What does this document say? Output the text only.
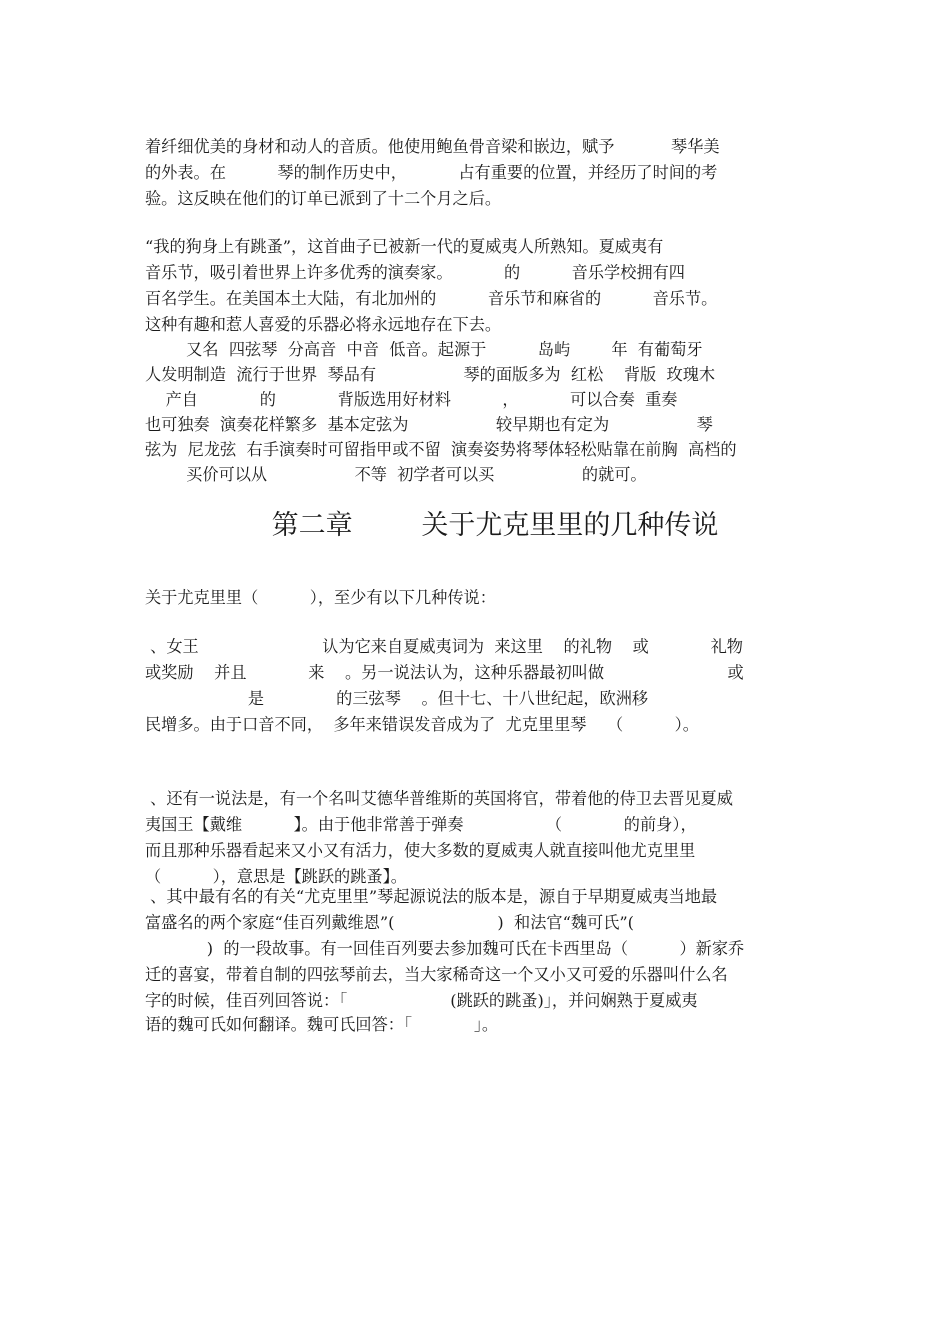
着纤细优美的身材和动人的音质。他使用鲍鱼骨音梁和嵌边，赋予           琴华美
的外表。在          琴的制作历史中，          占有重要的位置，并经历了时间的考
验。这反映在他们的订单已派到了十二个月之后。
“我的狗身上有跳蚤”，这首曲子已被新一代的夏威夷人所熟知。夏威夷有
音乐节，吸引着世界上许多优秀的演奏家。          的          音乐学校拥有四
百名学生。在美国本土大陆，有北加州的          音乐节和麻省的          音乐节。
这种有趣和惹人喜爱的乐器必将永远地存在下去。
又名  四弦琴  分高音  中音  低音。起源于          岛屿        年  有葡萄牙
人发明制造  流行于世界  琴品有                 琴的面版多为  红松    背版  玫瑰木
产自            的            背版选用好材料          ，          可以合奏  重奏
也可独奏  演奏花样繁多  基本定弦为                 较早期也有定为                 琴
弦为  尼龙弦  右手演奏时可留指甲或不留  演奏姿势将琴体轻松贴靠在前胸  高档的
买价可以从                 不等  初学者可以买                 的就可。
第二章        关于尤克里里的几种传说
关于尤克里里（          ），至少有以下几种传说：
、女王                        认为它来自夏威夷词为  来这里    的礼物    或            礼物
或奖励    并且            来    。另一说法认为，这种乐器最初叫做                        或
是              的三弦琴    。但十七、十八世纪起，欧洲移
民增多。由于口音不同，  多年来错误发音成为了  尤克里里琴    （          ）。
、还有一说法是，有一个名叫艾德华普维斯的英国将官，带着他的侍卫去晋见夏威
夷国王【戴维          】。由于他非常善于弹奏                （            的前身），
而且那种乐器看起来又小又有活力，使大多数的夏威夷人就直接叫他尤克里里
（          ），意思是【跳跃的跳蚤】。
、其中最有名的有关“尤克里里”琴起源说法的版本是，源自于早期夏威夷当地最
富盛名的两个家庭“佳百列戴维恩”(                    )  和法官“魏可氏”(
)  的一段故事。有一回佳百列要去参加魏可氏在卡西里岛（          ）新家乔
迁的喜宴，带着自制的四弦琴前去，当大家稀奇这一个又小又可爱的乐器叫什么名
字的时候，佳百列回答说：「                    (跳跃的跳蚤)」，并问娴熟于夏威夷
语的魏可氏如何翻译。魏可氏回答：「            」。
